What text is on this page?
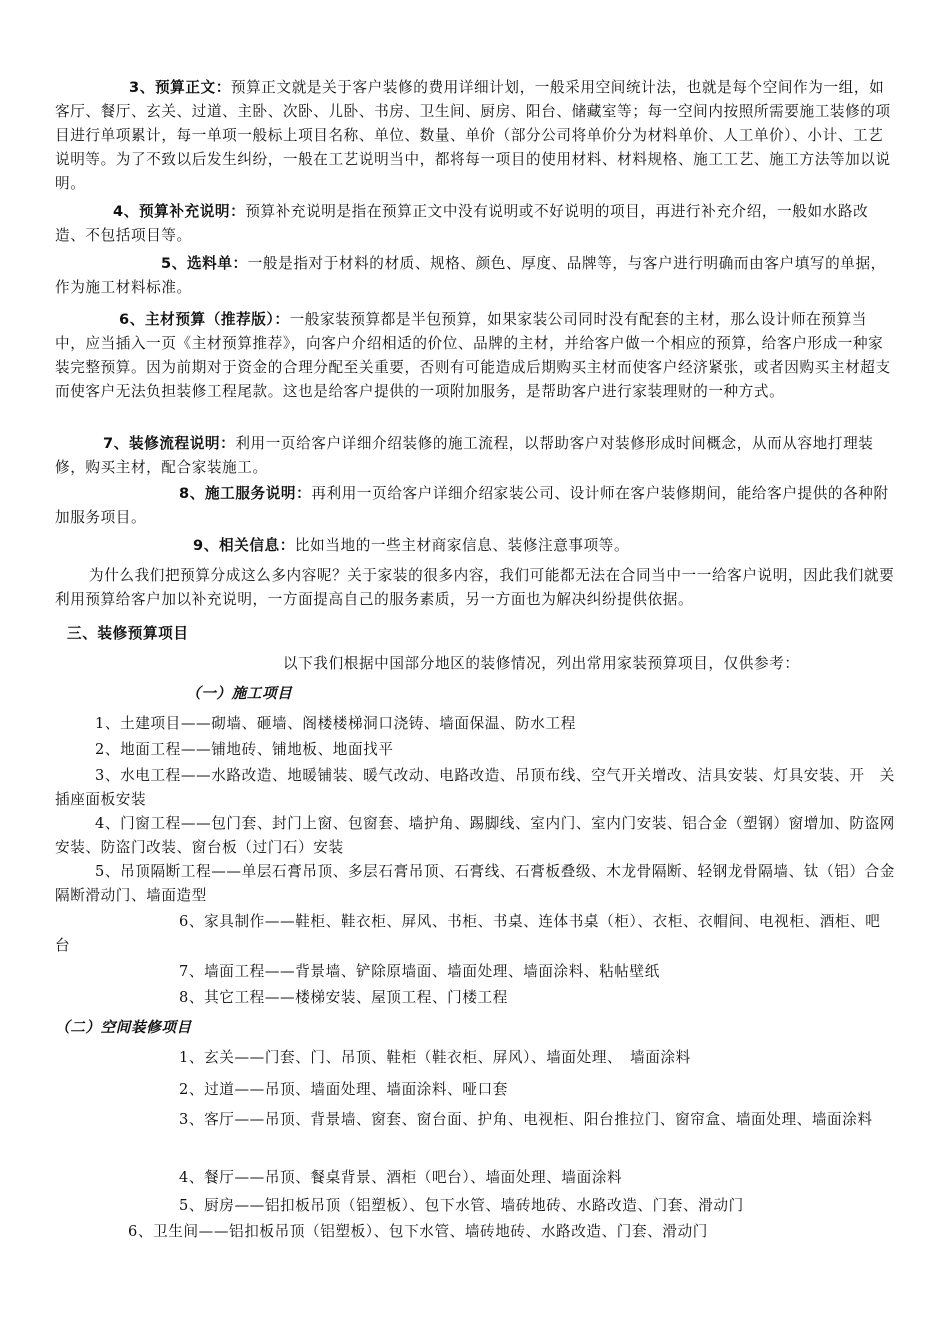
3、预算正文：预算正文就是关于客户装修的费用详细计划，一般采用空间统计法，也就是每个空间作为一组，如客厅、餐厅、玄关、过道、主卧、次卧、儿卧、书房、卫生间、厨房、阳台、储藏室等；每一空间内按照所需要施工装修的项目进行单项累计，每一单项一般标上项目名称、单位、数量、单价（部分公司将单价分为材料单价、人工单价）、小计、工艺说明等。为了不致以后发生纠纷，一般在工艺说明当中，都将每一项目的使用材料、材料规格、施工工艺、施工方法等加以说明。

4、预算补充说明：预算补充说明是指在预算正文中没有说明或不好说明的项目，再进行补充介绍，一般如水路改造、不包括项目等。

5、选料单：一般是指对于材料的材质、规格、颜色、厚度、品牌等，与客户进行明确而由客户填写的单据，作为施工材料标准。

6、主材预算（推荐版）：一般家装预算都是半包预算，如果家装公司同时没有配套的主材，那么设计师在预算当中，应当插入一页《主材预算推荐》，向客户介绍相适的价位、品牌的主材，并给客户做一个相应的预算，给客户形成一种家装完整预算。因为前期对于资金的合理分配至关重要，否则有可能造成后期购买主材而使客户经济紧张，或者因购买主材超支而使客户无法负担装修工程尾款。这也是给客户提供的一项附加服务，是帮助客户进行家装理财的一种方式。

7、装修流程说明：利用一页给客户详细介绍装修的施工流程，以帮助客户对装修形成时间概念，从而从容地打理装修，购买主材，配合家装施工。

8、施工服务说明：再利用一页给客户详细介绍家装公司、设计师在客户装修期间，能给客户提供的各种附加服务项目。

9、相关信息：比如当地的一些主材商家信息、装修注意事项等。

为什么我们把预算分成这么多内容呢？关于家装的很多内容，我们可能都无法在合同当中一一给客户说明，因此我们就要利用预算给客户加以补充说明，一方面提高自己的服务素质，另一方面也为解决纠纷提供依据。

三、装修预算项目

以下我们根据中国部分地区的装修情况，列出常用家装预算项目，仅供参考：

（一）施工项目

1、土建项目——砌墙、砸墙、阁楼楼梯洞口浇铸、墙面保温、防水工程

2、地面工程——铺地砖、铺地板、地面找平

3、水电工程——水路改造、地暖铺装、暖气改动、电路改造、吊顶布线、空气开关增改、洁具安装、灯具安装、开　关插座面板安装

4、门窗工程——包门套、封门上窗、包窗套、墙护角、踢脚线、室内门、室内门安装、铝合金（塑钢）窗增加、防盗网安装、防盗门改装、窗台板（过门石）安装

5、吊顶隔断工程——单层石膏吊顶、多层石膏吊顶、石膏线、石膏板叠级、木龙骨隔断、轻钢龙骨隔墙、钛（铝）合金隔断滑动门、墙面造型

6、家具制作——鞋柜、鞋衣柜、屏风、书柜、书桌、连体书桌（柜）、衣柜、衣帽间、电视柜、酒柜、吧台

7、墙面工程——背景墙、铲除原墙面、墙面处理、墙面涂料、粘帖壁纸

8、其它工程——楼梯安装、屋顶工程、门楼工程

（二）空间装修项目

1、玄关——门套、门、吊顶、鞋柜（鞋衣柜、屏风）、墙面处理、　墙面涂料

2、过道——吊顶、墙面处理、墙面涂料、哑口套

3、客厅——吊顶、背景墙、窗套、窗台面、护角、电视柜、阳台推拉门、窗帘盒、墙面处理、墙面涂料

4、餐厅——吊顶、餐桌背景、酒柜（吧台）、墙面处理、墙面涂料

5、厨房——铝扣板吊顶（铝塑板）、包下水管、墙砖地砖、水路改造、门套、滑动门

6、卫生间——铝扣板吊顶（铝塑板）、包下水管、墙砖地砖、水路改造、门套、滑动门
